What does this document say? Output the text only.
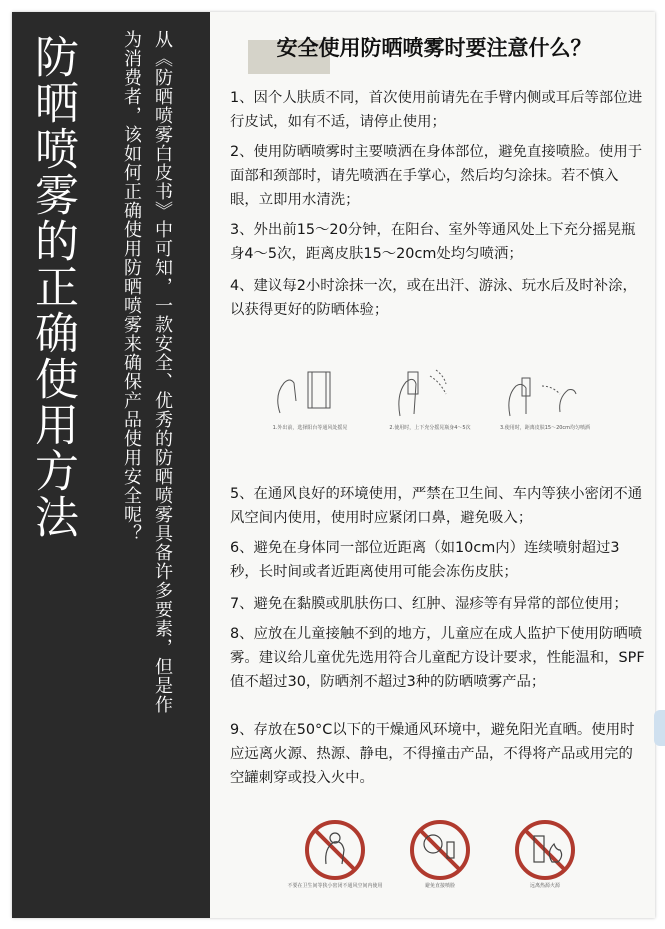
防晒喷雾的正确使用方法	从《防晒喷雾白皮书》中可知，一款安全、优秀的防晒喷雾具备许多要素，但是作为消费者，该如何正确使用防晒喷雾来确保产品使用安全呢？	安全使用防晒喷雾时要注意什么？
1、因个人肤质不同，首次使用前请先在手臂内侧或耳后等部位进行皮试，如有不适，请停止使用；
2、使用防晒喷雾时主要喷洒在身体部位，避免直接喷脸。使用于面部和颈部时，请先喷洒在手掌心，然后均匀涂抹。若不慎入眼，立即用水清洗；
3、外出前15～20分钟，在阳台、室外等通风处上下充分摇晃瓶身4～5次，距离皮肤15～20cm处均匀喷洒；
4、建议每2小时涂抹一次，或在出汗、游泳、玩水后及时补涂，以获得更好的防晒体验；
1.外出前，选择阳台等通风处摇晃	2.使用时，上下充分摇晃瓶身4～5次	3.使用时，距离皮肤15～20cm均匀喷洒
5、在通风良好的环境使用，严禁在卫生间、车内等狭小密闭不通风空间内使用，使用时应紧闭口鼻，避免吸入；
6、避免在身体同一部位近距离（如10cm内）连续喷射超过3秒，长时间或者近距离使用可能会冻伤皮肤；
7、避免在黏膜或肌肤伤口、红肿、湿疹等有异常的部位使用；
8、应放在儿童接触不到的地方，儿童应在成人监护下使用防晒喷雾。建议给儿童优先选用符合儿童配方设计要求，性能温和，SPF值不超过30，防晒剂不超过3种的防晒喷雾产品；
9、存放在50°C以下的干燥通风环境中，避免阳光直晒。使用时应远离火源、热源、静电，不得撞击产品，不得将产品或用完的空罐刺穿或投入火中。
不要在卫生间等狭小密闭不通风空间内使用	避免直接喷脸	远离热源火源
